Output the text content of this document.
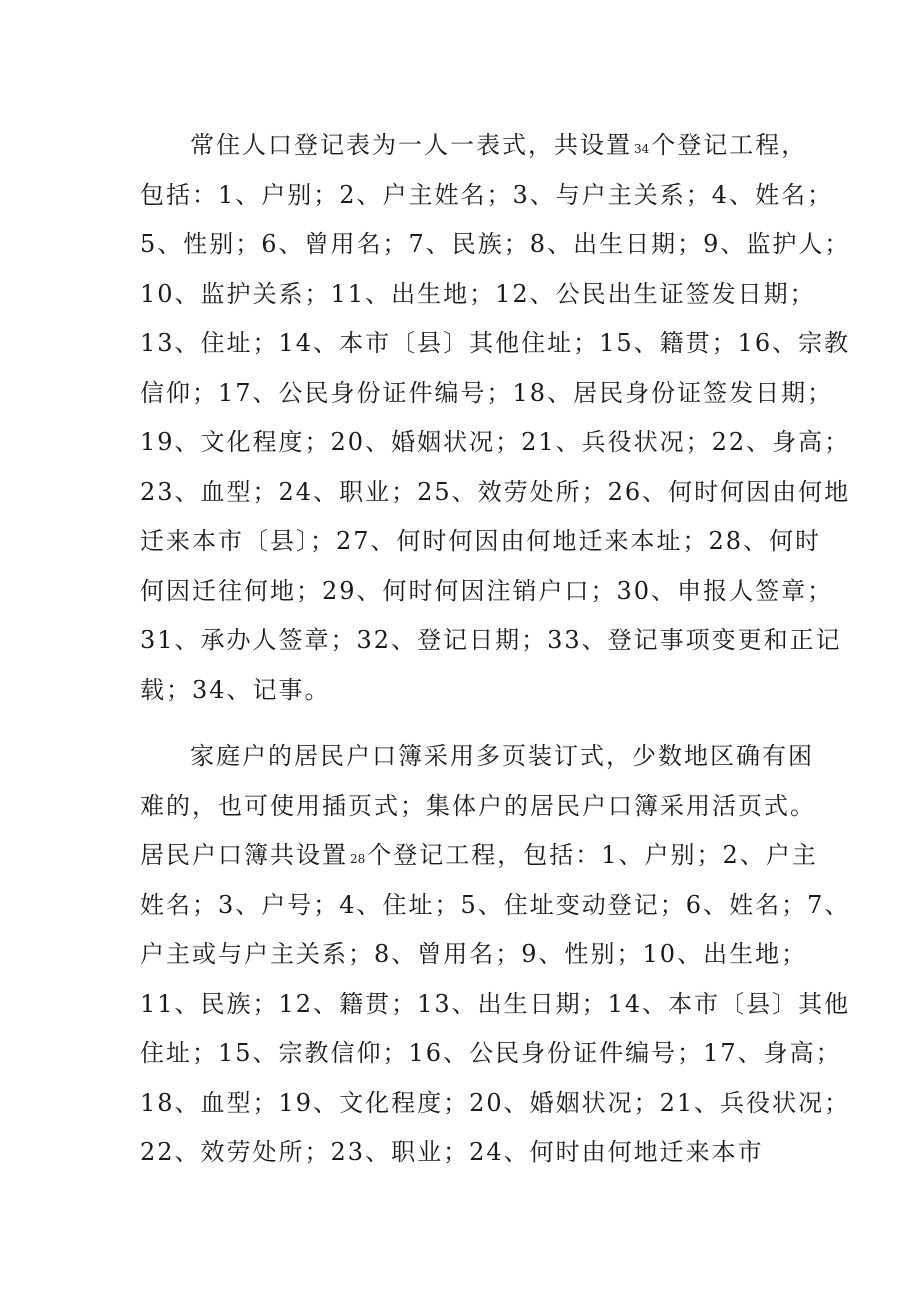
常住人口登记表为一人一表式，共设置 34个登记工程，
包括：1、户别；2、户主姓名；3、与户主关系；4、姓名；
5、性别；6、曾用名；7、民族；8、出生日期；9、监护人；
10、监护关系；11、出生地；12、公民出生证签发日期；
13、住址；14、本市〔县〕其他住址；15、籍贯；16、宗教
信仰；17、公民身份证件编号；18、居民身份证签发日期；
19、文化程度；20、婚姻状况；21、兵役状况；22、身高；
23、血型；24、职业；25、效劳处所；26、何时何因由何地
迁来本市〔县〕；27、何时何因由何地迁来本址；28、何时
何因迁往何地；29、何时何因注销户口；30、申报人签章；
31、承办人签章；32、登记日期；33、登记事项变更和正记
载；34、记事。

家庭户的居民户口簿采用多页装订式，少数地区确有困
难的，也可使用插页式；集体户的居民户口簿采用活页式。
居民户口簿共设置 28个登记工程，包括：1、户别；2、户主
姓名；3、户号；4、住址；5、住址变动登记；6、姓名；7、
户主或与户主关系；8、曾用名；9、性别；10、出生地；
11、民族；12、籍贯；13、出生日期；14、本市〔县〕其他
住址；15、宗教信仰；16、公民身份证件编号；17、身高；
18、血型；19、文化程度；20、婚姻状况；21、兵役状况；
22、效劳处所；23、职业；24、何时由何地迁来本市
